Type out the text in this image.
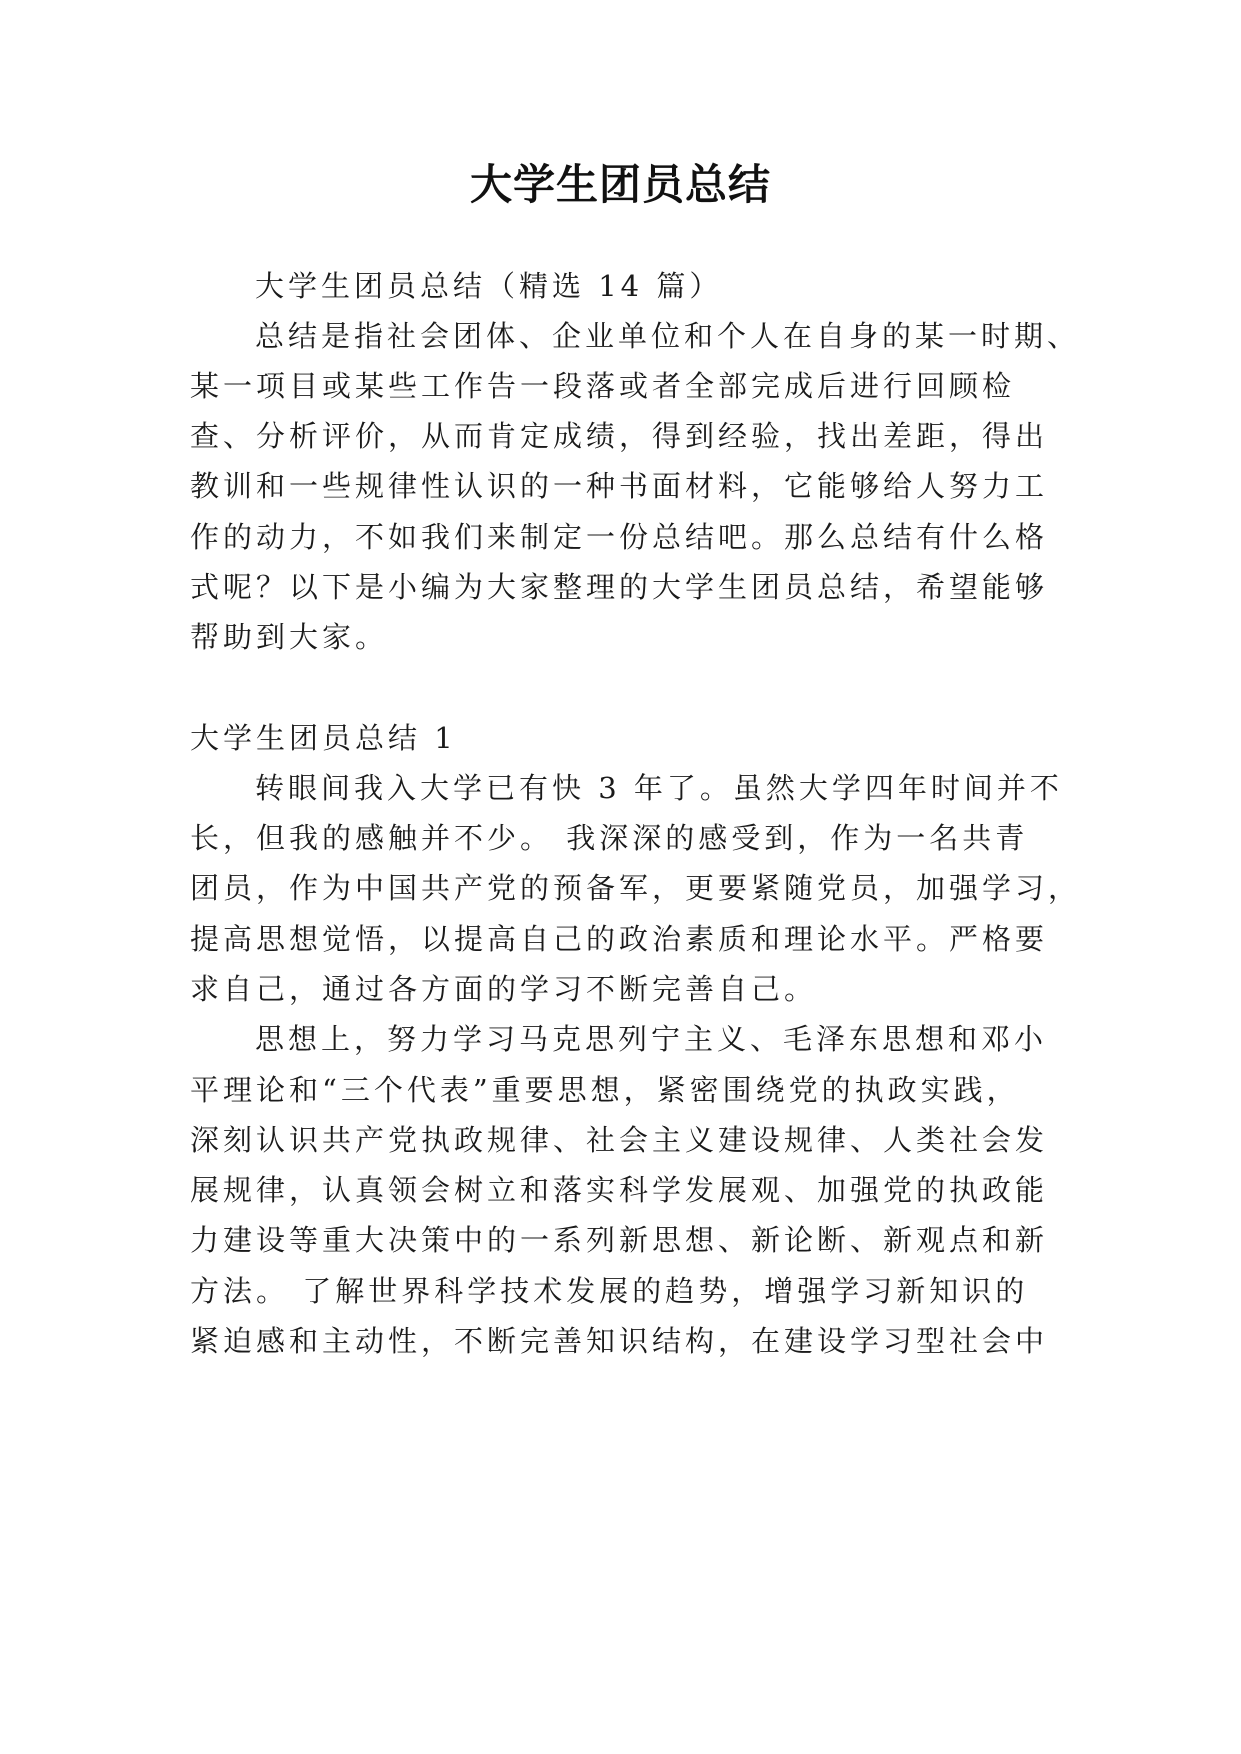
大学生团员总结

大学生团员总结（精选 14 篇）

总结是指社会团体、企业单位和个人在自身的某一时期、

某一项目或某些工作告一段落或者全部完成后进行回顾检

查、分析评价，从而肯定成绩，得到经验，找出差距，得出

教训和一些规律性认识的一种书面材料，它能够给人努力工

作的动力，不如我们来制定一份总结吧。那么总结有什么格

式呢？以下是小编为大家整理的大学生团员总结，希望能够

帮助到大家。

大学生团员总结 1

转眼间我入大学已有快 3 年了。虽然大学四年时间并不

长，但我的感触并不少。 我深深的感受到，作为一名共青

团员，作为中国共产党的预备军，更要紧随党员，加强学习，

提高思想觉悟，以提高自己的政治素质和理论水平。严格要

求自己，通过各方面的学习不断完善自己。

思想上，努力学习马克思列宁主义、毛泽东思想和邓小

平理论和“三个代表”重要思想，紧密围绕党的执政实践，

深刻认识共产党执政规律、社会主义建设规律、人类社会发

展规律，认真领会树立和落实科学发展观、加强党的执政能

力建设等重大决策中的一系列新思想、新论断、新观点和新

方法。 了解世界科学技术发展的趋势，增强学习新知识的

紧迫感和主动性，不断完善知识结构，在建设学习型社会中
